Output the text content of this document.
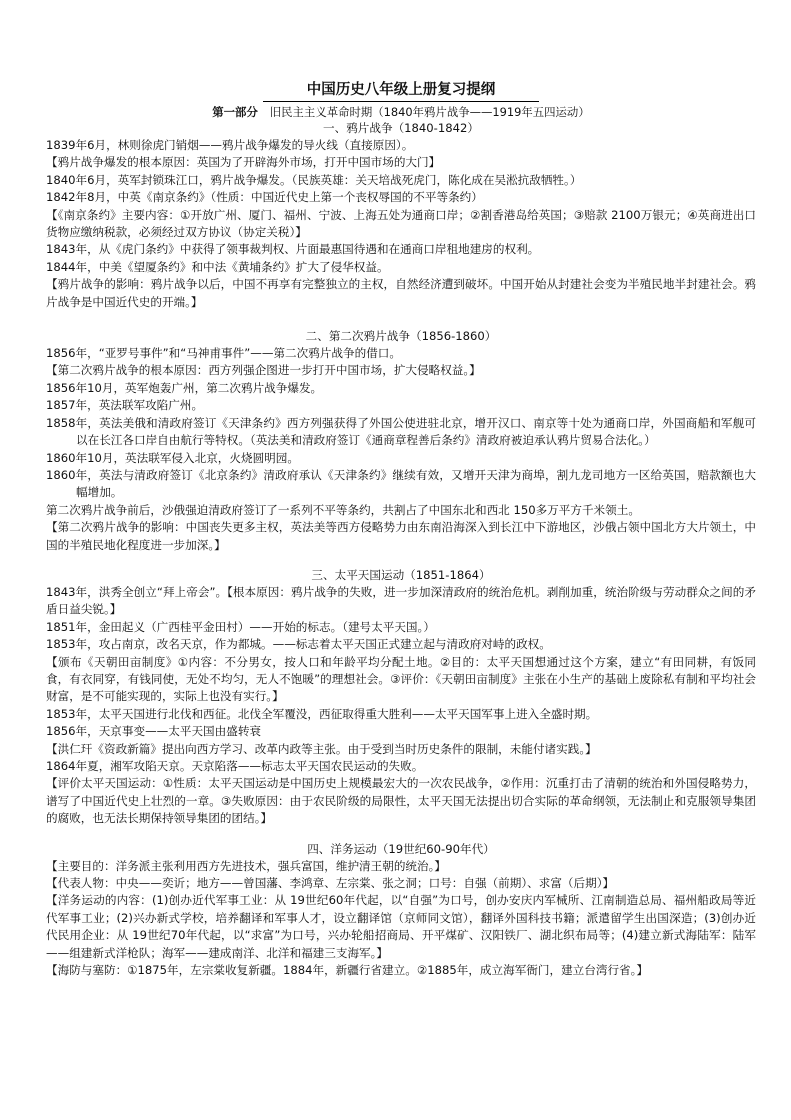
中国历史八年级上册复习提纲
第一部分 旧民主主义革命时期（1840年鸦片战争——1919年五四运动）
一、鸦片战争（1840-1842）

1839年6月，林则徐虎门销烟——鸦片战争爆发的导火线（直接原因）。

【鸦片战争爆发的根本原因：英国为了开辟海外市场，打开中国市场的大门】

1840年6月，英军封锁珠江口，鸦片战争爆发。（民族英雄：关天培战死虎门，陈化成在吴淞抗敌牺牲。）

1842年8月，中英《南京条约》（性质：中国近代史上第一个丧权辱国的不平等条约）

【《南京条约》主要内容：①开放广州、厦门、福州、宁波、上海五处为通商口岸；②割香港岛给英国；③赔款 2100万银元；④英商进出口货物应缴纳税款，必须经过双方协议（协定关税）】

1843年，从《虎门条约》中获得了领事裁判权、片面最惠国待遇和在通商口岸租地建房的权利。

1844年，中美《望厦条约》和中法《黄埔条约》扩大了侵华权益。

【鸦片战争的影响：鸦片战争以后，中国不再享有完整独立的主权，自然经济遭到破坏。中国开始从封建社会变为半殖民地半封建社会。鸦片战争是中国近代史的开端。】

二、第二次鸦片战争（1856-1860）

1856年，“亚罗号事件”和“马神甫事件”——第二次鸦片战争的借口。

【第二次鸦片战争的根本原因：西方列强企图进一步打开中国市场，扩大侵略权益。】

1856年10月，英军炮轰广州，第二次鸦片战争爆发。

1857年，英法联军攻陷广州。

1858年，英法美俄和清政府签订《天津条约》西方列强获得了外国公使进驻北京，增开汉口、南京等十处为通商口岸，外国商船和军舰可以在长江各口岸自由航行等特权。（英法美和清政府签订《通商章程善后条约》清政府被迫承认鸦片贸易合法化。）

1860年10月，英法联军侵入北京，火烧圆明园。

1860年，英法与清政府签订《北京条约》清政府承认《天津条约》继续有效，又增开天津为商埠，割九龙司地方一区给英国，赔款额也大幅增加。

第二次鸦片战争前后，沙俄强迫清政府签订了一系列不平等条约，共割占了中国东北和西北 150多万平方千米领土。

【第二次鸦片战争的影响：中国丧失更多主权，英法美等西方侵略势力由东南沿海深入到长江中下游地区，沙俄占领中国北方大片领土，中国的半殖民地化程度进一步加深。】

三、太平天国运动（1851-1864）

1843年，洪秀全创立“拜上帝会”。【根本原因：鸦片战争的失败，进一步加深清政府的统治危机。剥削加重，统治阶级与劳动群众之间的矛盾日益尖锐。】

1851年，金田起义（广西桂平金田村）——开始的标志。（建号太平天国。）

1853年，攻占南京，改名天京，作为都城。——标志着太平天国正式建立起与清政府对峙的政权。

【颁布《天朝田亩制度》①内容：不分男女，按人口和年龄平均分配土地。②目的：太平天国想通过这个方案，建立“有田同耕，有饭同食，有衣同穿，有钱同使，无处不均匀，无人不饱暖”的理想社会。③评价：《天朝田亩制度》主张在小生产的基础上废除私有制和平均社会财富，是不可能实现的，实际上也没有实行。】

1853年，太平天国进行北伐和西征。北伐全军覆没，西征取得重大胜利——太平天国军事上进入全盛时期。

1856年，天京事变——太平天国由盛转衰

【洪仁玕《资政新篇》提出向西方学习、改革内政等主张。由于受到当时历史条件的限制，未能付诸实践。】

1864年夏，湘军攻陷天京。天京陷落——标志太平天国农民运动的失败。

【评价太平天国运动：①性质：太平天国运动是中国历史上规模最宏大的一次农民战争，②作用：沉重打击了清朝的统治和外国侵略势力，谱写了中国近代史上壮烈的一章。③失败原因：由于农民阶级的局限性，太平天国无法提出切合实际的革命纲领，无法制止和克服领导集团的腐败，也无法长期保持领导集团的团结。】

四、洋务运动（19世纪60-90年代）

【主要目的：洋务派主张利用西方先进技术，强兵富国，维护清王朝的统治。】

【代表人物：中央——奕䜣；地方——曾国藩、李鸿章、左宗棠、张之洞；口号：自强（前期）、求富（后期）】

【洋务运动的内容：(1)创办近代军事工业：从 19世纪60年代起，以“自强”为口号，创办安庆内军械所、江南制造总局、福州船政局等近代军事工业；(2)兴办新式学校，培养翻译和军事人才，设立翻译馆（京师同文馆），翻译外国科技书籍；派遣留学生出国深造；(3)创办近代民用企业：从 19世纪70年代起，以“求富”为口号，兴办轮船招商局、开平煤矿、汉阳铁厂、湖北织布局等；(4)建立新式海陆军：陆军——组建新式洋枪队；海军——建成南洋、北洋和福建三支海军。】

【海防与塞防：①1875年，左宗棠收复新疆。1884年，新疆行省建立。②1885年，成立海军衙门，建立台湾行省。】
